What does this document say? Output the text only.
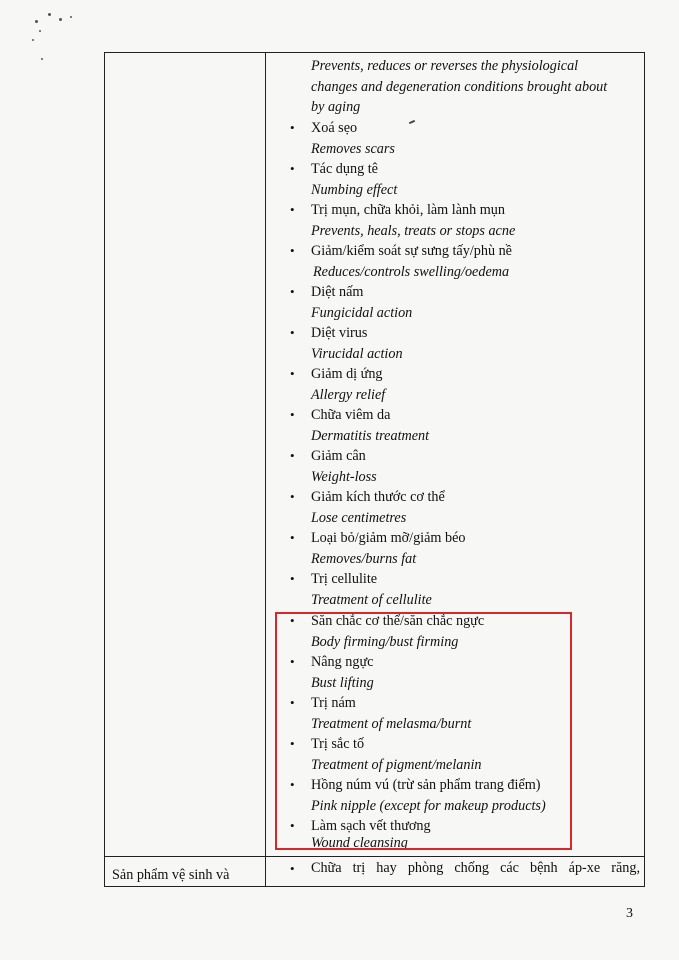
Prevents, reduces or reverses the physiological
changes and degeneration conditions brought about
by aging
•	Xoá sẹo
Removes scars
•	Tác dụng tê
Numbing effect
•	Trị mụn, chữa khỏi, làm lành mụn
Prevents, heals, treats or stops acne
•	Giảm/kiểm soát sự sưng tấy/phù nề
Reduces/controls swelling/oedema
•	Diệt nấm
Fungicidal action
•	Diệt virus
Virucidal action
•	Giảm dị ứng
Allergy relief
•	Chữa viêm da
Dermatitis treatment
•	Giảm cân
Weight-loss
•	Giảm kích thước cơ thể
Lose centimetres
•	Loại bỏ/giảm mỡ/giảm béo
Removes/burns fat
•	Trị cellulite
Treatment of cellulite
•	Săn chắc cơ thể/săn chắc ngực
Body firming/bust firming
•	Nâng ngực
Bust lifting
•	Trị nám
Treatment of melasma/burnt
•	Trị sắc tố
Treatment of pigment/melanin
•	Hồng núm vú (trừ sản phẩm trang điểm)
Pink nipple (except for makeup products)
•	Làm sạch vết thương
Wound cleansing
Sản phẩm vệ sinh và	• Chữa trị hay phòng chống các bệnh áp-xe răng,
3
